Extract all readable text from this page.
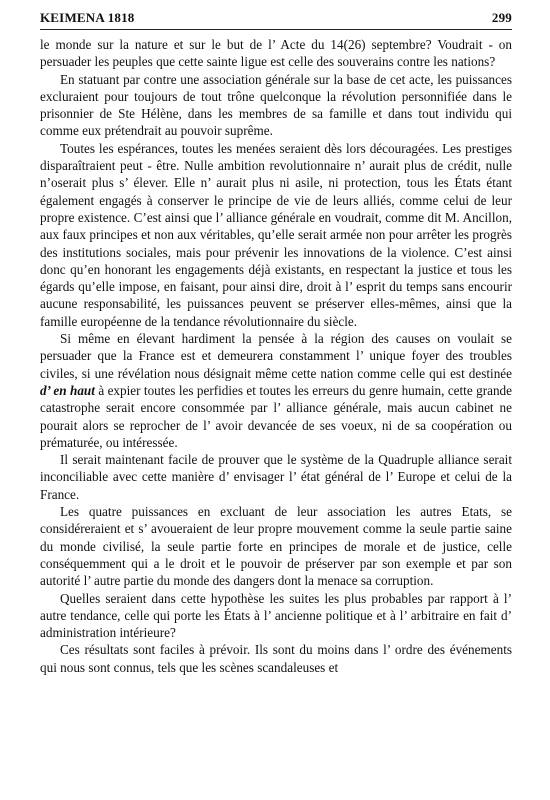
KEIMENA 1818	299

le monde sur la nature et sur le but de l’ Acte du 14(26) septembre? Voudrait - on persuader les peuples que cette sainte ligue est celle des souverains contre les nations?

En statuant par contre une association générale sur la base de cet acte, les puissances excluraient pour toujours de tout trône quelconque la révolution personnifiée dans le prisonnier de Ste Hélène, dans les membres de sa famille et dans tout individu qui comme eux prétendrait au pouvoir suprême.

Toutes les espérances, toutes les menées seraient dès lors découragées. Les prestiges disparaîtraient peut - être. Nulle ambition revolutionnaire n’ aurait plus de crédit, nulle n’oserait plus s’ élever. Elle n’ aurait plus ni asile, ni protection, tous les États étant également engagés à conserver le principe de vie de leurs alliés, comme celui de leur propre existence. C’est ainsi que l’ alliance générale en voudrait, comme dit M. Ancillon, aux faux principes et non aux véritables, qu’elle serait armée non pour arrêter les progrès des institutions sociales, mais pour prévenir les innovations de la violence. C’est ainsi donc qu’en honorant les engagements déjà existants, en respectant la justice et tous les égards qu’elle impose, en faisant, pour ainsi dire, droit à l’ esprit du temps sans encourir aucune responsabilité, les puissances peuvent se préserver elles-mêmes, ainsi que la famille européenne de la tendance révolutionnaire du siècle.

Si même en élevant hardiment la pensée à la région des causes on voulait se persuader que la France est et demeurera constamment l’ unique foyer des troubles civiles, si une révélation nous désignait même cette nation comme celle qui est destinée d’ en haut à expier toutes les perfidies et toutes les erreurs du genre humain, cette grande catastrophe serait encore consommée par l’ alliance générale, mais aucun cabinet ne pourait alors se reprocher de l’ avoir devancée de ses voeux, ni de sa coopération ou prématurée, ou intéressée.

Il serait maintenant facile de prouver que le système de la Quadruple alliance serait inconciliable avec cette manière d’ envisager l’ état général de l’ Europe et celui de la France.

Les quatre puissances en excluant de leur association les autres Etats, se considéreraient et s’ avoueraient de leur propre mouvement comme la seule partie saine du monde civilisé, la seule partie forte en principes de morale et de justice, celle conséquemment qui a le droit et le pouvoir de préserver par son exemple et par son autorité l’ autre partie du monde des dangers dont la menace sa corruption.

Quelles seraient dans cette hypothèse les suites les plus probables par rapport à l’ autre tendance, celle qui porte les États à l’ ancienne politique et à l’ arbitraire en fait d’ administration intérieure?

Ces résultats sont faciles à prévoir. Ils sont du moins dans l’ ordre des événements qui nous sont connus, tels que les scènes scandaleuses et
